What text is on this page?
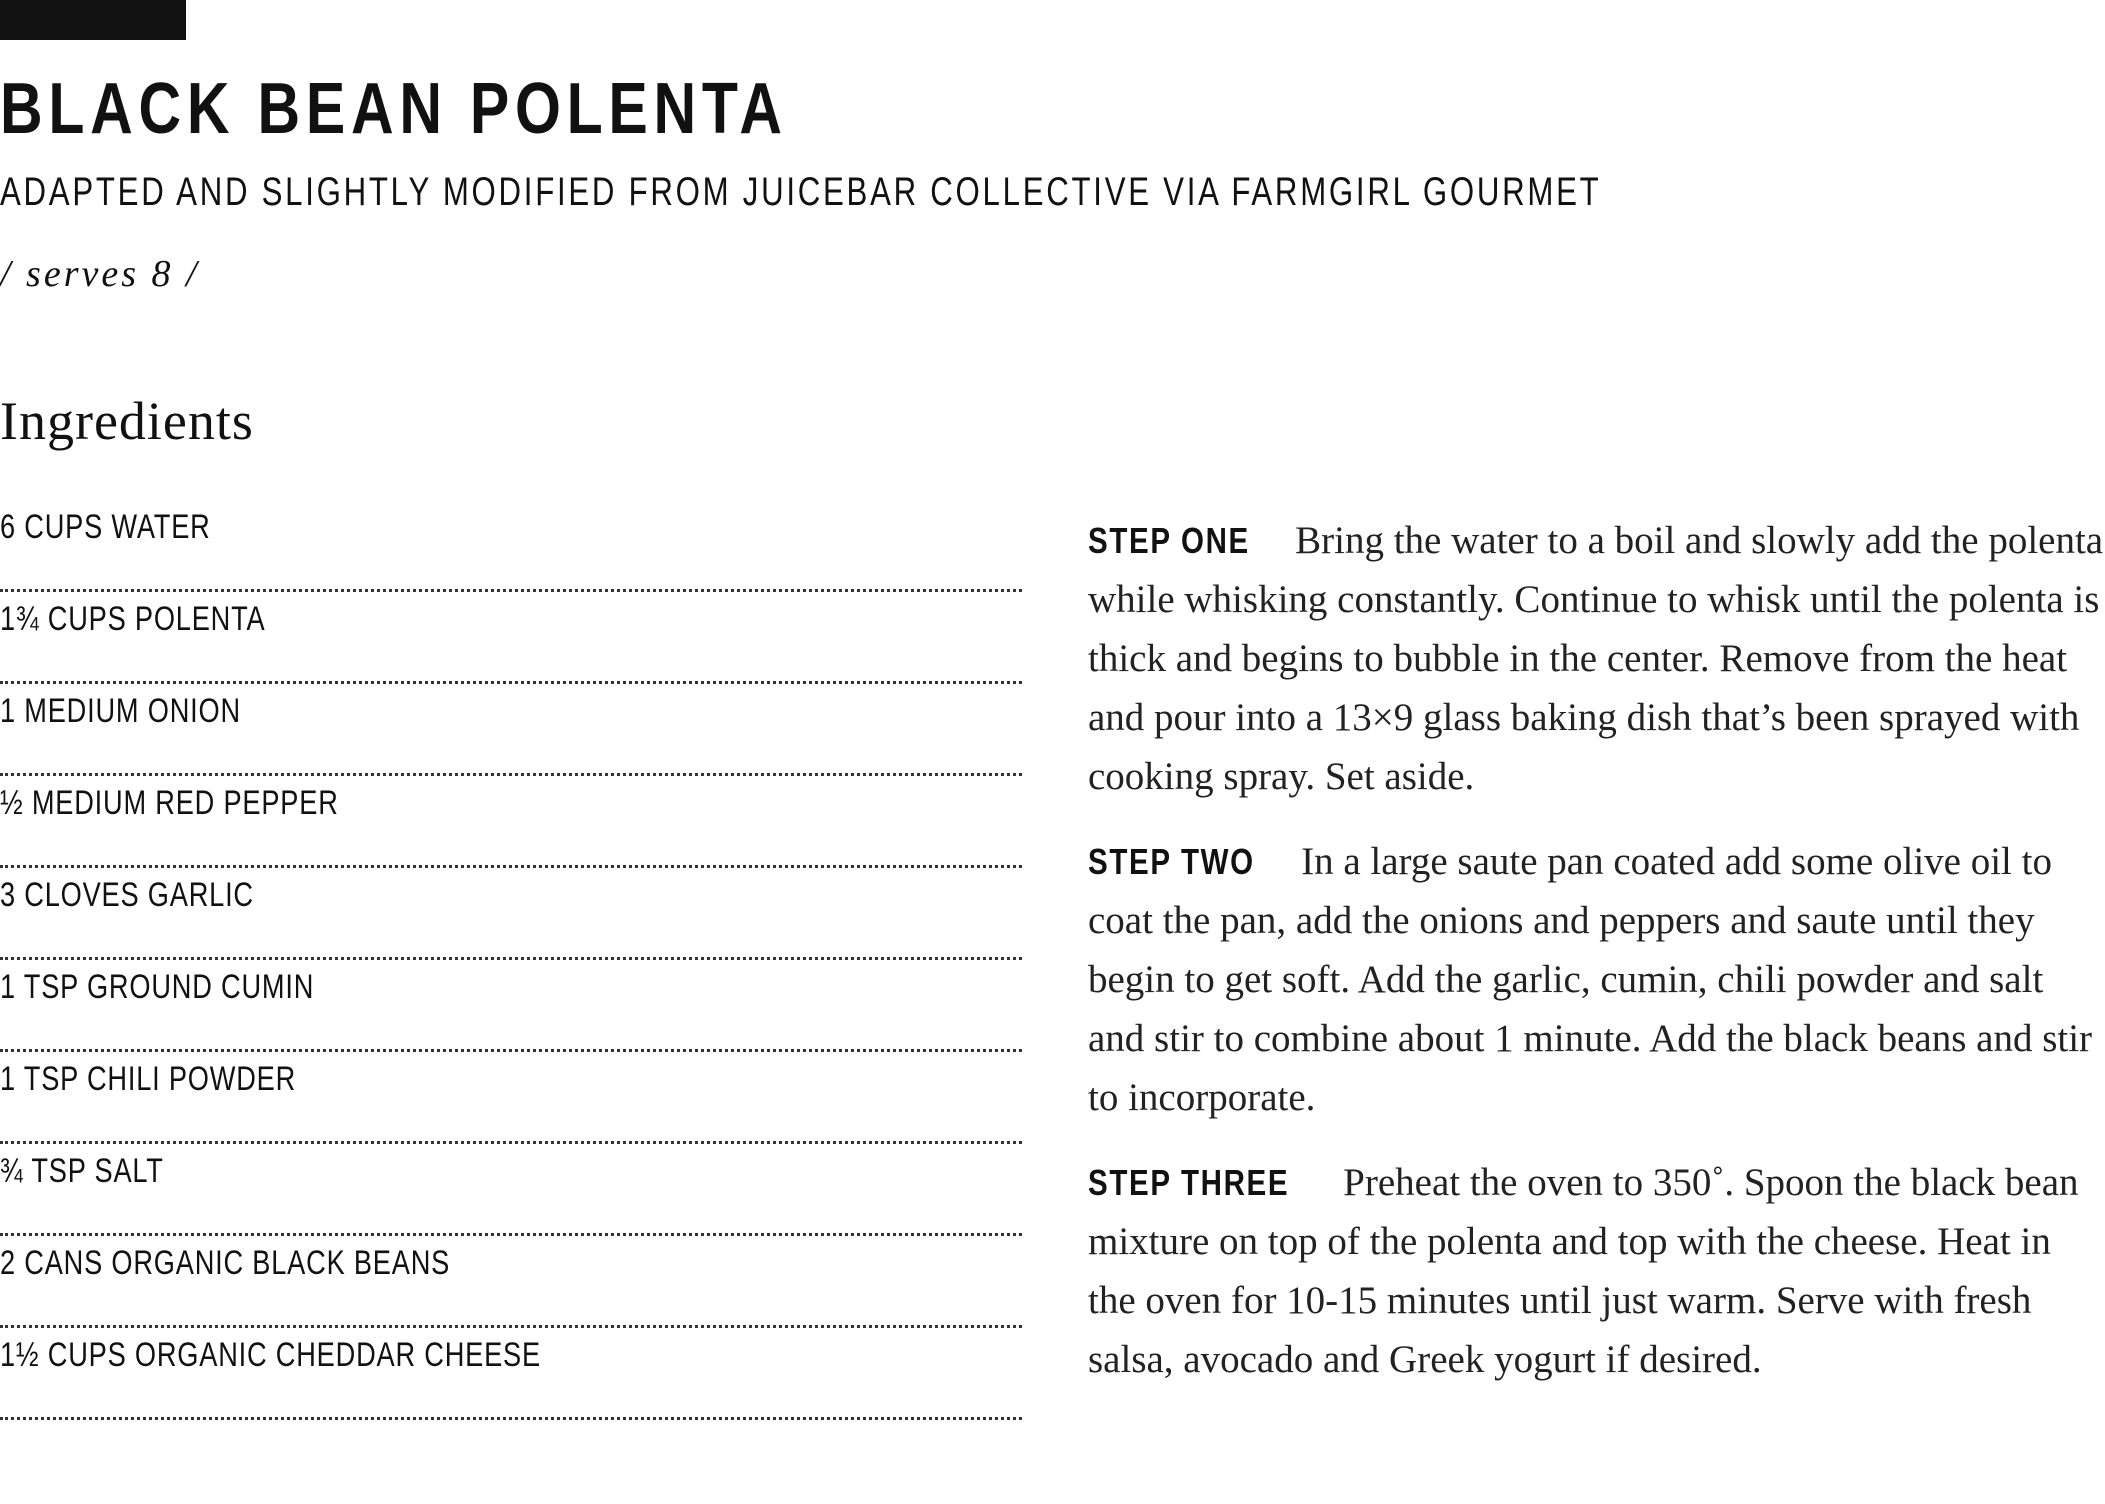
BLACK BEAN POLENTA
ADAPTED AND SLIGHTLY MODIFIED FROM JUICEBAR COLLECTIVE VIA FARMGIRL GOURMET
/ serves 8 /
Ingredients
6 CUPS WATER
1¾ CUPS POLENTA
1 MEDIUM ONION
½ MEDIUM RED PEPPER
3 CLOVES GARLIC
1 TSP GROUND CUMIN
1 TSP CHILI POWDER
¾ TSP SALT
2 CANS ORGANIC BLACK BEANS
1½ CUPS ORGANIC CHEDDAR CHEESE

STEP ONE Bring the water to a boil and slowly add the polenta while whisking constantly. Continue to whisk until the polenta is thick and begins to bubble in the center. Remove from the heat and pour into a 13×9 glass baking dish that’s been sprayed with cooking spray. Set aside.

STEP TWO In a large saute pan coated add some olive oil to coat the pan, add the onions and peppers and saute until they begin to get soft. Add the garlic, cumin, chili powder and salt and stir to combine about 1 minute. Add the black beans and stir to incorporate.

STEP THREE Preheat the oven to 350˚. Spoon the black bean mixture on top of the polenta and top with the cheese. Heat in the oven for 10-15 minutes until just warm. Serve with fresh salsa, avocado and Greek yogurt if desired.
